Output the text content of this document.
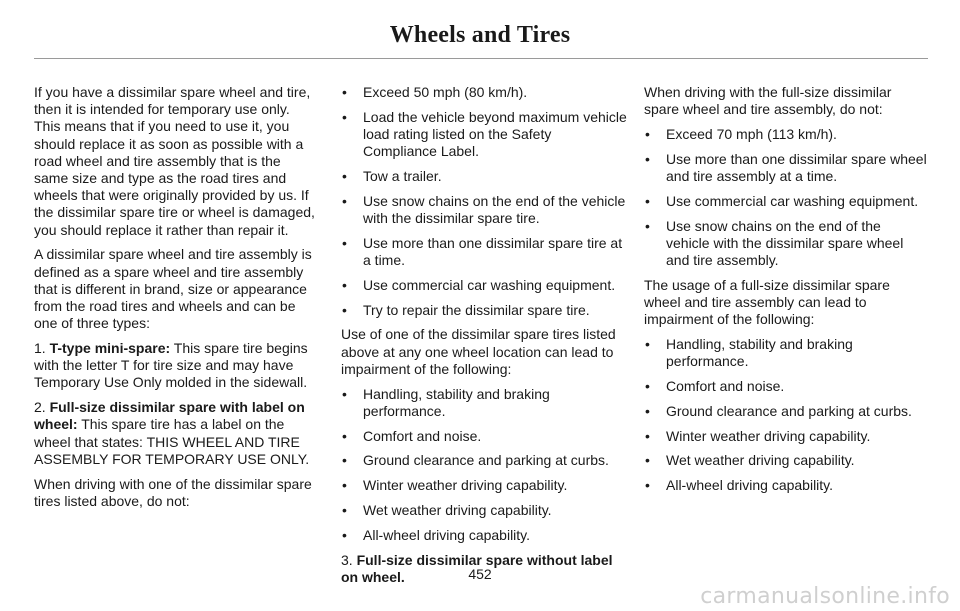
Wheels and Tires

If you have a dissimilar spare wheel and tire, then it is intended for temporary use only. This means that if you need to use it, you should replace it as soon as possible with a road wheel and tire assembly that is the same size and type as the road tires and wheels that were originally provided by us. If the dissimilar spare tire or wheel is damaged, you should replace it rather than repair it.

A dissimilar spare wheel and tire assembly is defined as a spare wheel and tire assembly that is different in brand, size or appearance from the road tires and wheels and can be one of three types:

1. T-type mini-spare: This spare tire begins with the letter T for tire size and may have Temporary Use Only molded in the sidewall.

2. Full-size dissimilar spare with label on wheel: This spare tire has a label on the wheel that states: THIS WHEEL AND TIRE ASSEMBLY FOR TEMPORARY USE ONLY.

When driving with one of the dissimilar spare tires listed above, do not:

• Exceed 50 mph (80 km/h).
• Load the vehicle beyond maximum vehicle load rating listed on the Safety Compliance Label.
• Tow a trailer.
• Use snow chains on the end of the vehicle with the dissimilar spare tire.
• Use more than one dissimilar spare tire at a time.
• Use commercial car washing equipment.
• Try to repair the dissimilar spare tire.

Use of one of the dissimilar spare tires listed above at any one wheel location can lead to impairment of the following:

• Handling, stability and braking performance.
• Comfort and noise.
• Ground clearance and parking at curbs.
• Winter weather driving capability.
• Wet weather driving capability.
• All-wheel driving capability.

3. Full-size dissimilar spare without label on wheel.

When driving with the full-size dissimilar spare wheel and tire assembly, do not:

• Exceed 70 mph (113 km/h).
• Use more than one dissimilar spare wheel and tire assembly at a time.
• Use commercial car washing equipment.
• Use snow chains on the end of the vehicle with the dissimilar spare wheel and tire assembly.

The usage of a full-size dissimilar spare wheel and tire assembly can lead to impairment of the following:

• Handling, stability and braking performance.
• Comfort and noise.
• Ground clearance and parking at curbs.
• Winter weather driving capability.
• Wet weather driving capability.
• All-wheel driving capability.
452
carmanualsonline.info
